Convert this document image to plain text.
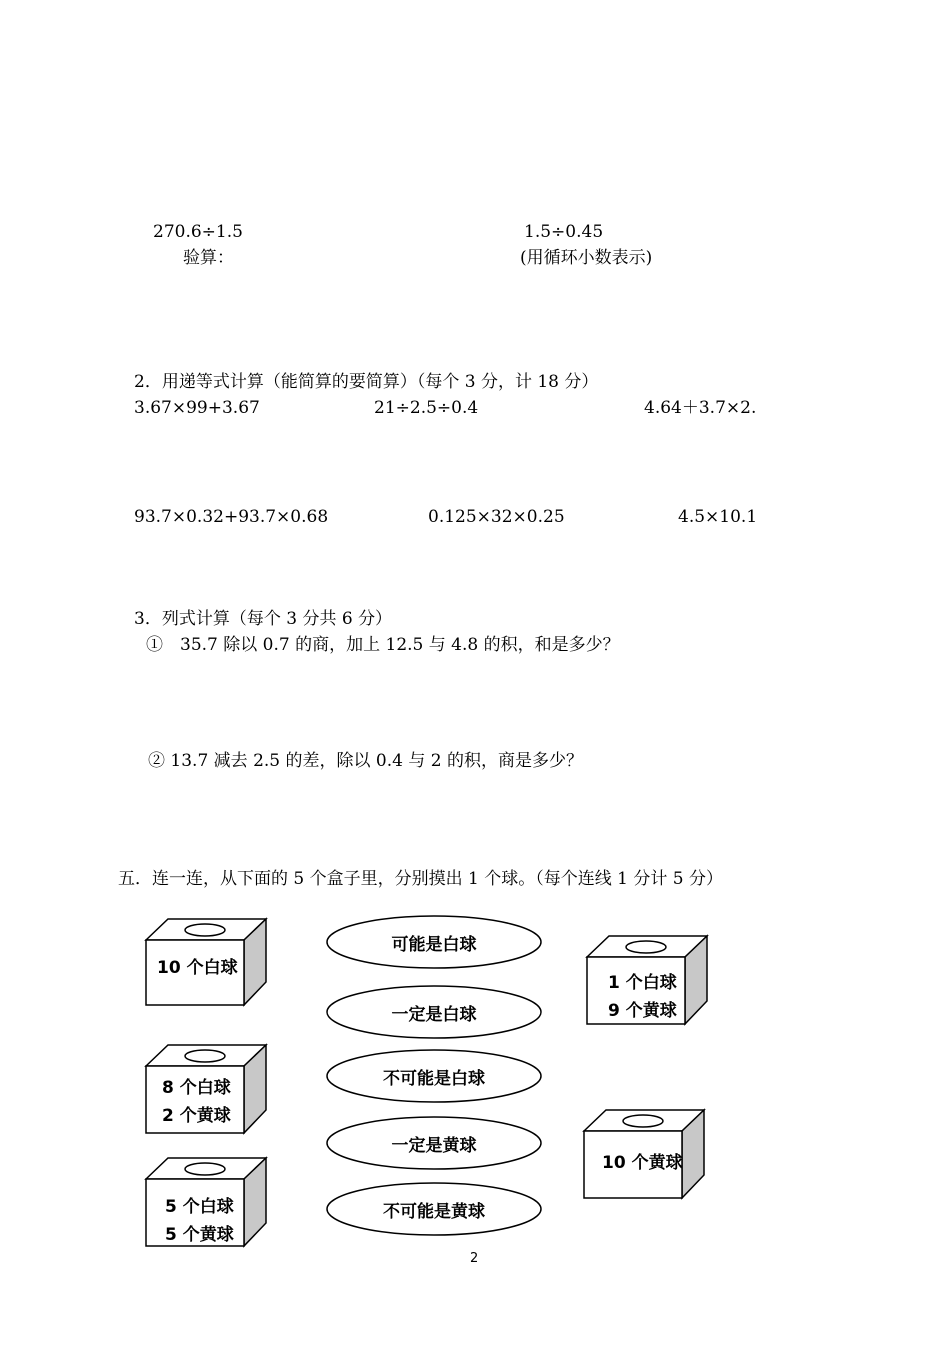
270.6÷1.5
验算：
1.5÷0.45
(用循环小数表示)
2．用递等式计算（能简算的要简算）（每个 3 分，计 18 分）
3.67×99+3.67	21÷2.5÷0.4	4.64＋3.7×2.
93.7×0.32+93.7×0.68	0.125×32×0.25	4.5×10.1
3．列式计算（每个 3 分共 6 分）
①　35.7 除以 0.7 的商，加上 12.5 与 4.8 的积，和是多少？
② 13.7 减去 2.5 的差，除以 0.4 与 2 的积，商是多少？
五．连一连，从下面的 5 个盒子里，分别摸出 1 个球。（每个连线 1 分计 5 分）
10 个白球
8 个白球
2 个黄球
5 个白球
5 个黄球
1 个白球
9 个黄球
10 个黄球
可能是白球
一定是白球
不可能是白球
一定是黄球
不可能是黄球
2
